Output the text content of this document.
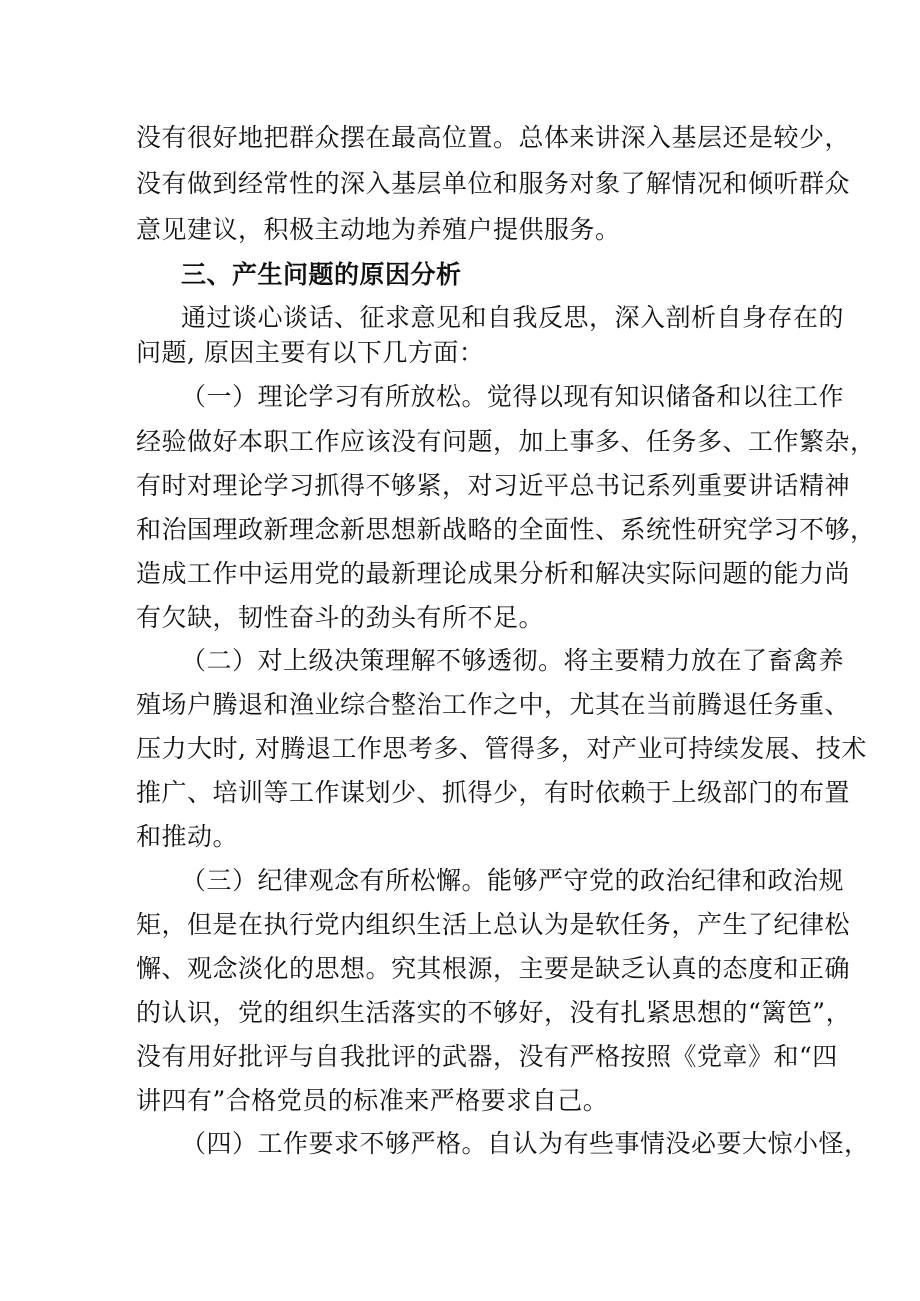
没有很好地把群众摆在最高位置。总体来讲深入基层还是较少，
没有做到经常性的深入基层单位和服务对象了解情况和倾听群众
意见建议，积极主动地为养殖户提供服务。
三、产生问题的原因分析
通过谈心谈话、征求意见和自我反思，深入剖析自身存在的
问题, 原因主要有以下几方面：
（一）理论学习有所放松。觉得以现有知识储备和以往工作
经验做好本职工作应该没有问题，加上事多、任务多、工作繁杂，
有时对理论学习抓得不够紧，对习近平总书记系列重要讲话精神
和治国理政新理念新思想新战略的全面性、系统性研究学习不够，
造成工作中运用党的最新理论成果分析和解决实际问题的能力尚
有欠缺，韧性奋斗的劲头有所不足。
（二）对上级决策理解不够透彻。将主要精力放在了畜禽养
殖场户腾退和渔业综合整治工作之中，尤其在当前腾退任务重、
压力大时, 对腾退工作思考多、管得多，对产业可持续发展、技术
推广、培训等工作谋划少、抓得少，有时依赖于上级部门的布置
和推动。
（三）纪律观念有所松懈。能够严守党的政治纪律和政治规
矩，但是在执行党内组织生活上总认为是软任务，产生了纪律松
懈、观念淡化的思想。究其根源，主要是缺乏认真的态度和正确
的认识，党的组织生活落实的不够好，没有扎紧思想的“篱笆”，
没有用好批评与自我批评的武器，没有严格按照《党章》和“四
讲四有”合格党员的标准来严格要求自己。
（四）工作要求不够严格。自认为有些事情没必要大惊小怪，
